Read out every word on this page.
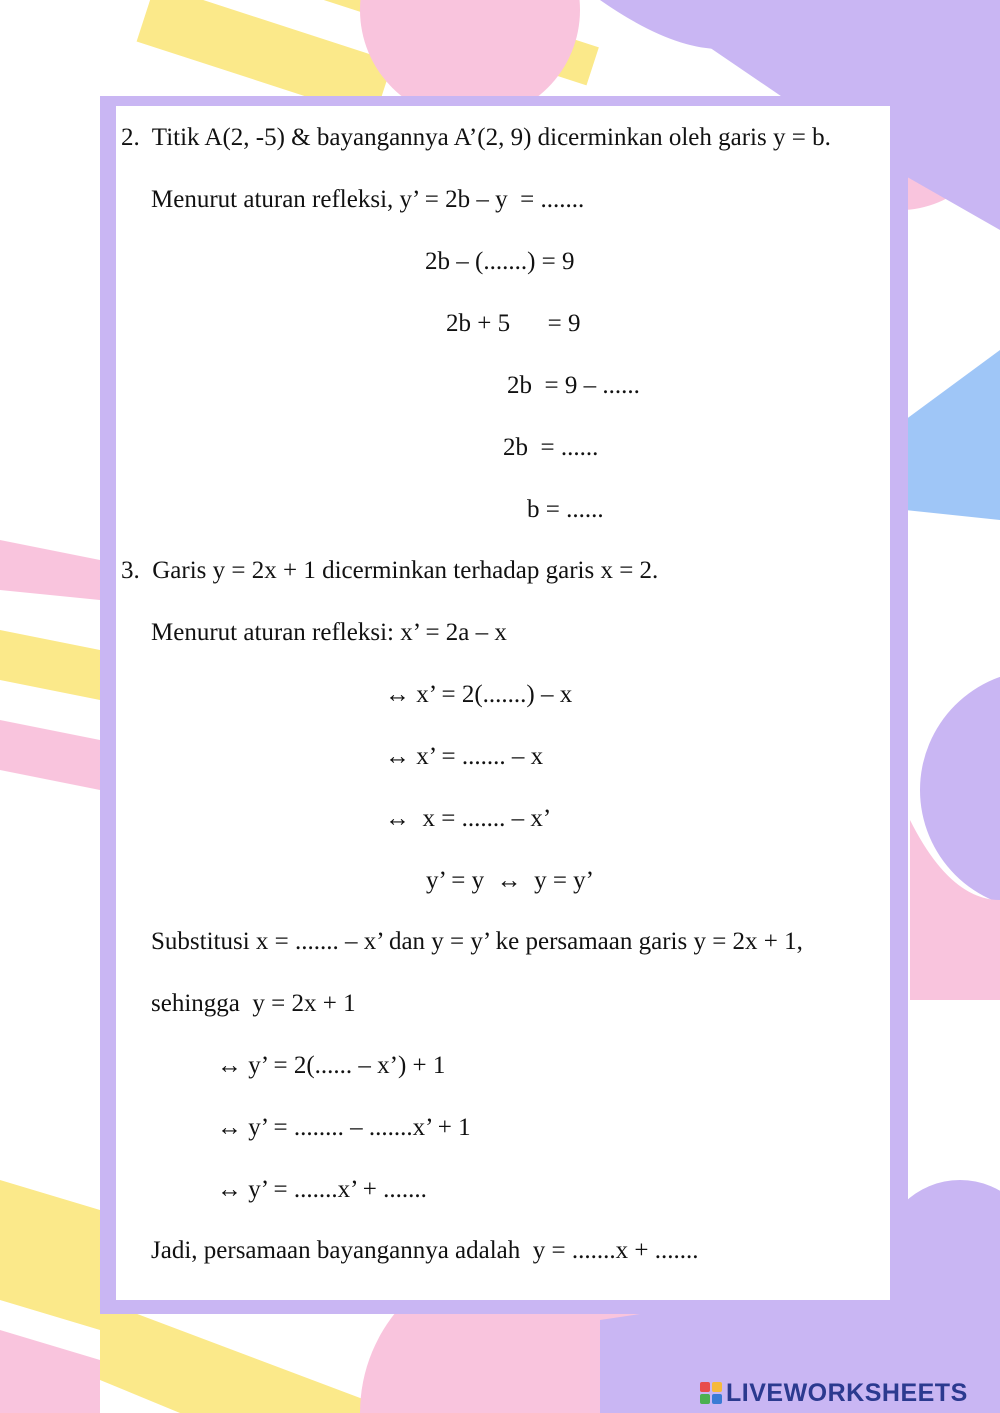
2.  Titik A(2, -5) & bayangannya A’(2, 9) dicerminkan oleh garis y = b.
Menurut aturan refleksi, y’ = 2b – y  = .......
2b – (.......) = 9
2b + 5      = 9
2b  = 9 – ......
2b  = ......
b = ......
3.  Garis y = 2x + 1 dicerminkan terhadap garis x = 2.
Menurut aturan refleksi: x’ = 2a – x
↔ x’ = 2(.......) – x
↔ x’ = ....... – x
↔  x = ....... – x’
y’ = y  ↔  y = y’
Substitusi x = ....... – x’ dan y = y’ ke persamaan garis y = 2x + 1,
sehingga  y = 2x + 1
↔ y’ = 2(...... – x’) + 1
↔ y’ = ........ – .......x’ + 1
↔ y’ = .......x’ + .......
Jadi, persamaan bayangannya adalah  y = .......x + .......
LIVEWORKSHEETS
